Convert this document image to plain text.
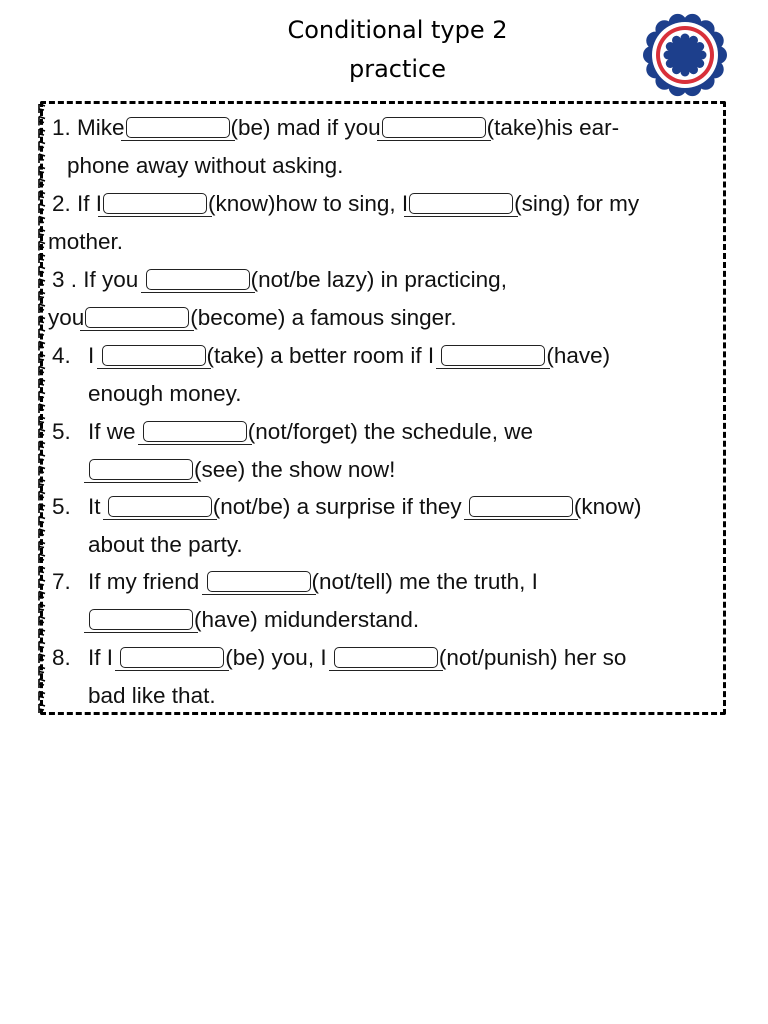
Conditional type 2
practice
1. Mike	(be) mad if you	(take)his ear-
phone away without asking.
2. If I	(know)how to sing, I	(sing) for my
mother.
3 . If you	(not/be lazy) in practicing,
you	(become) a famous singer.
4. I	(take) a better room if I	(have)
enough money.
5. If we	(not/forget) the schedule, we
(see) the show now!
5. It	(not/be) a surprise if they	(know)
about the party.
7. If my friend	(not/tell) me the truth, I
(have) midunderstand.
8. If I	(be) you, I	(not/punish) her so
bad like that.
